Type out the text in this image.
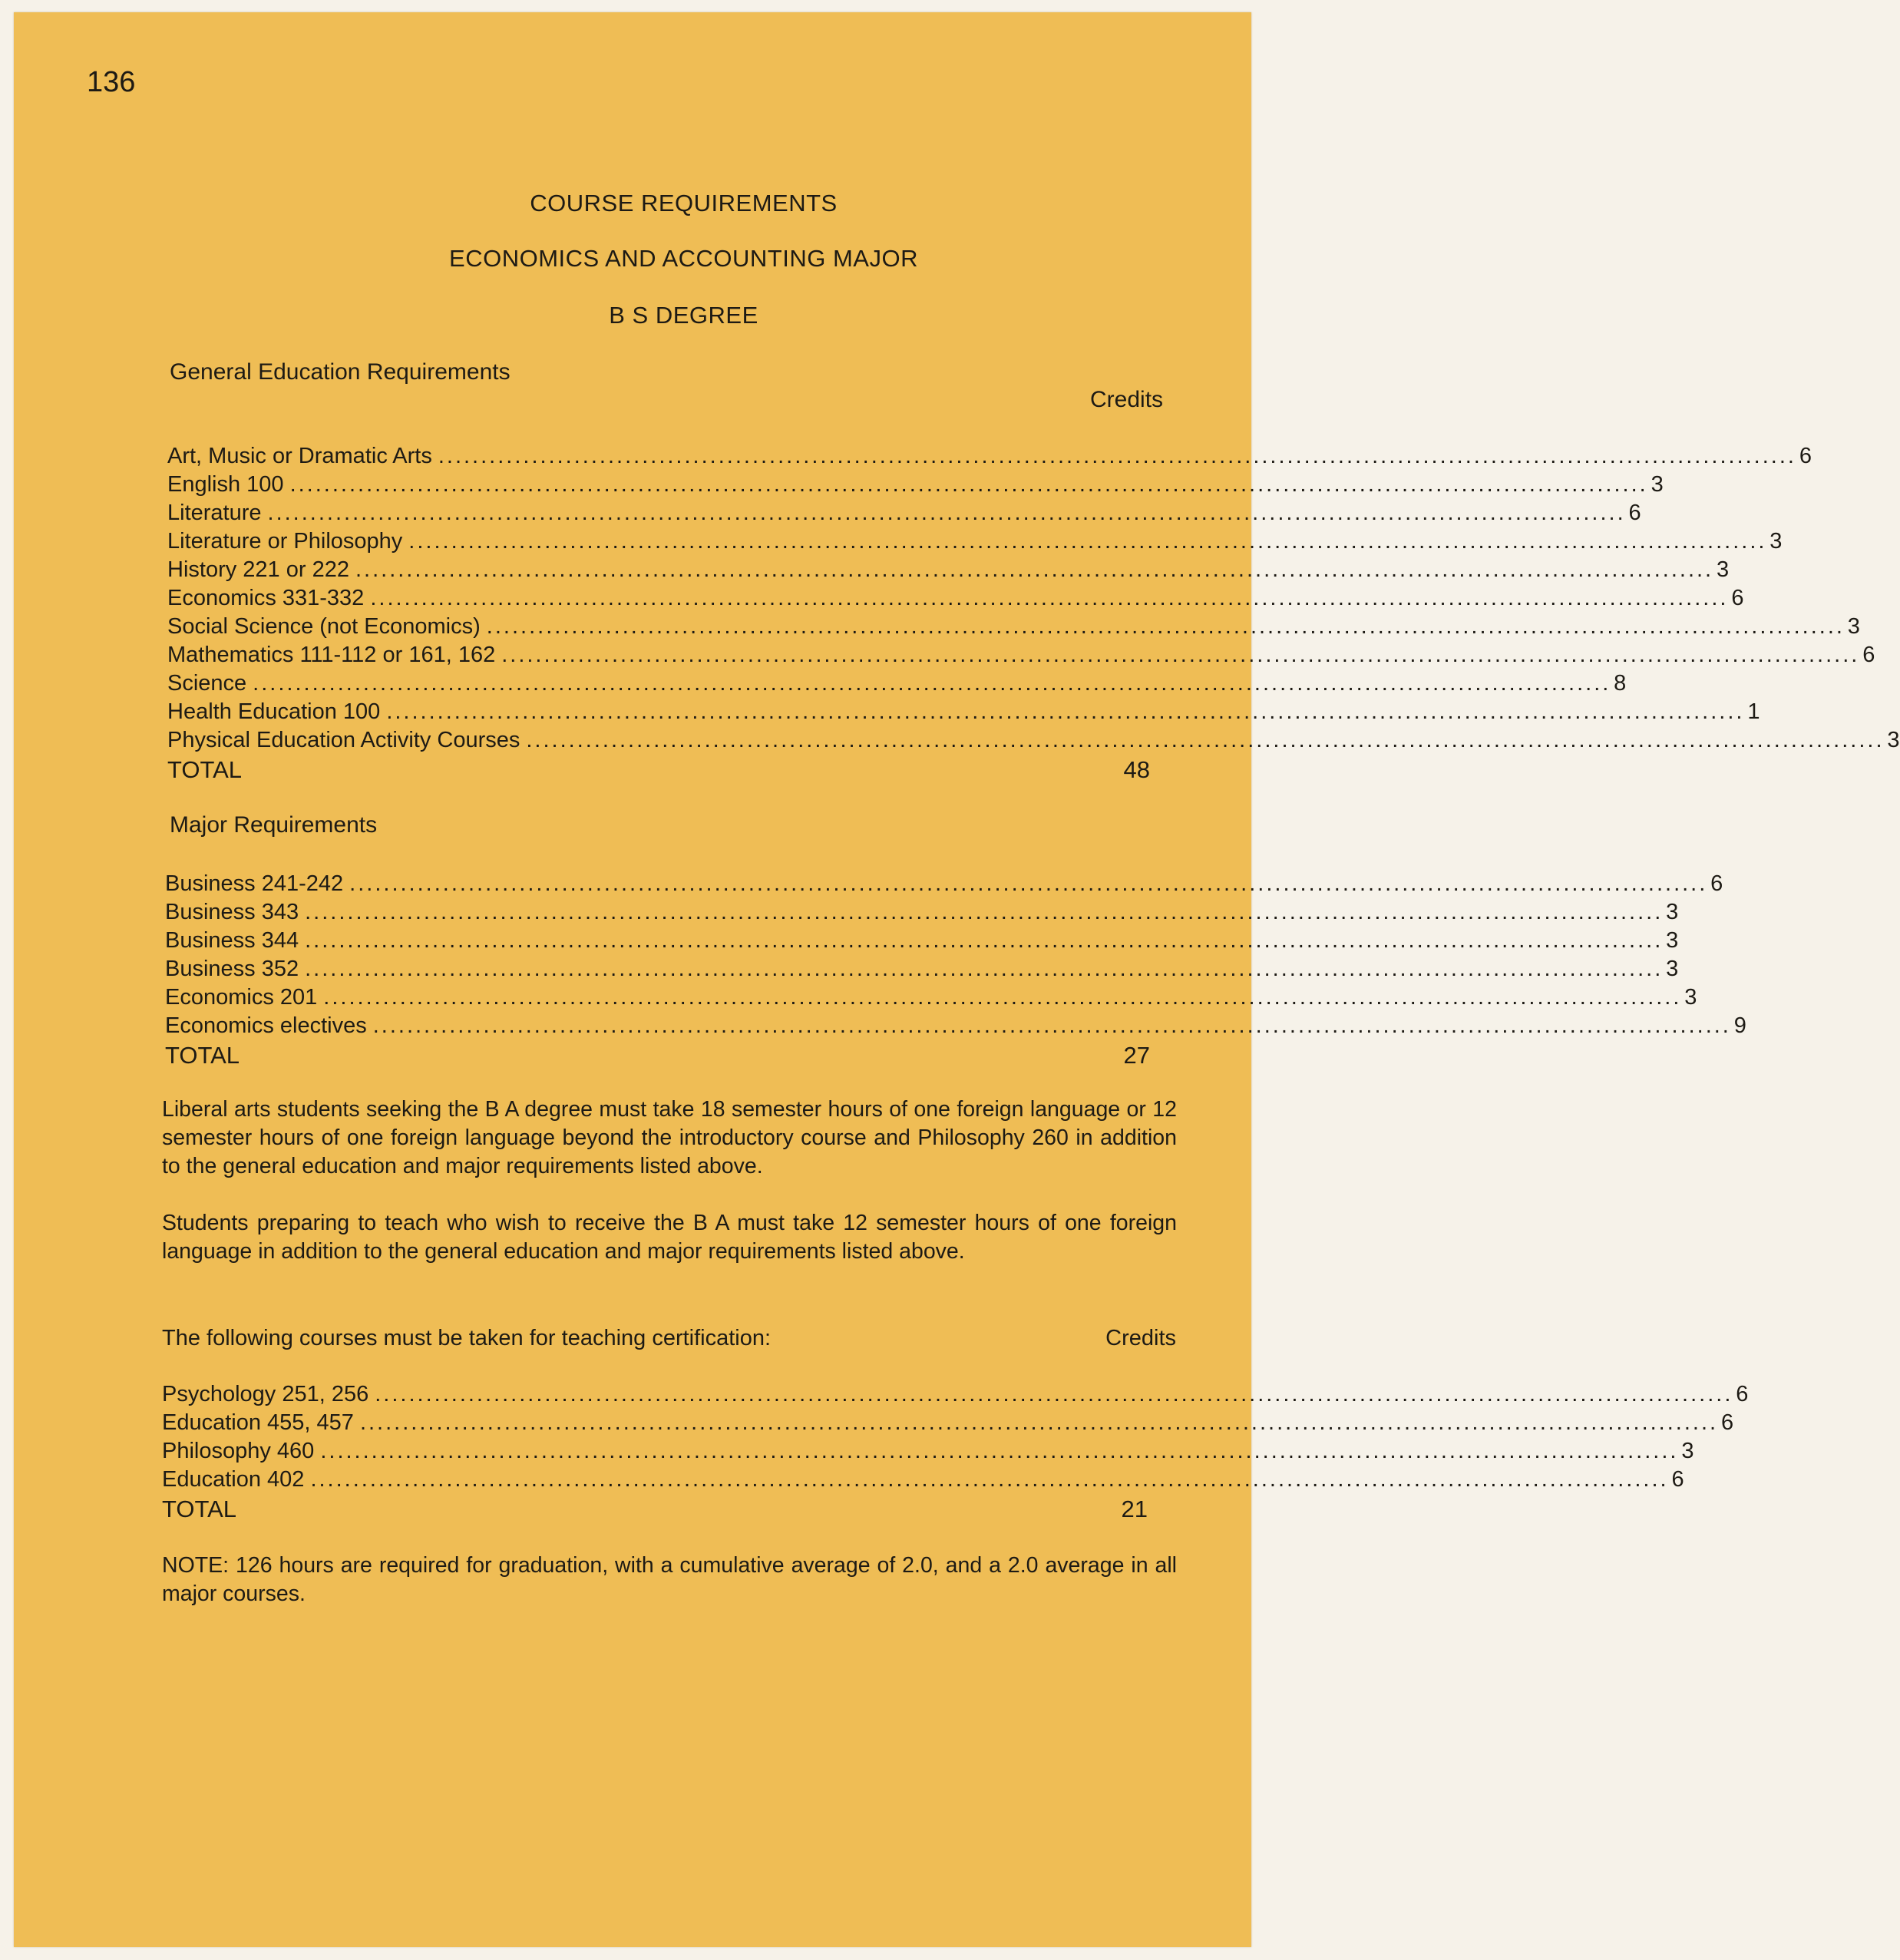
136

COURSE REQUIREMENTS

ECONOMICS AND ACCOUNTING MAJOR

B S DEGREE

General Education Requirements

Credits

Art, Music or Dramatic Arts ................................................................................................................................................................ 6
English 100 ................................................................................................................................................................ 3
Literature ................................................................................................................................................................ 6
Literature or Philosophy ................................................................................................................................................................ 3
History 221 or 222 ................................................................................................................................................................ 3
Economics 331-332 ................................................................................................................................................................ 6
Social Science (not Economics) ................................................................................................................................................................ 3
Mathematics 111-112 or 161, 162 ................................................................................................................................................................ 6
Science ................................................................................................................................................................ 8
Health Education 100 ................................................................................................................................................................ 1
Physical Education Activity Courses ................................................................................................................................................................ 3
TOTAL	48

Major Requirements

Business 241-242 ................................................................................................................................................................ 6
Business 343 ................................................................................................................................................................ 3
Business 344 ................................................................................................................................................................ 3
Business 352 ................................................................................................................................................................ 3
Economics 201 ................................................................................................................................................................ 3
Economics electives ................................................................................................................................................................ 9
TOTAL	27

Liberal arts students seeking the B A degree must take 18 semester hours of one foreign language or 12 semester hours of one foreign language beyond the introductory course and Philosophy 260 in addition to the general education and major requirements listed above.

Students preparing to teach who wish to receive the B A must take 12 semester hours of one foreign language in addition to the general education and major requirements listed above.

The following courses must be taken for teaching certification:	Credits
Psychology 251, 256 ................................................................................................................................................................ 6
Education 455, 457 ................................................................................................................................................................ 6
Philosophy 460 ................................................................................................................................................................ 3
Education 402 ................................................................................................................................................................ 6
TOTAL	21

NOTE: 126 hours are required for graduation, with a cumulative average of 2.0, and a 2.0 average in all major courses.
